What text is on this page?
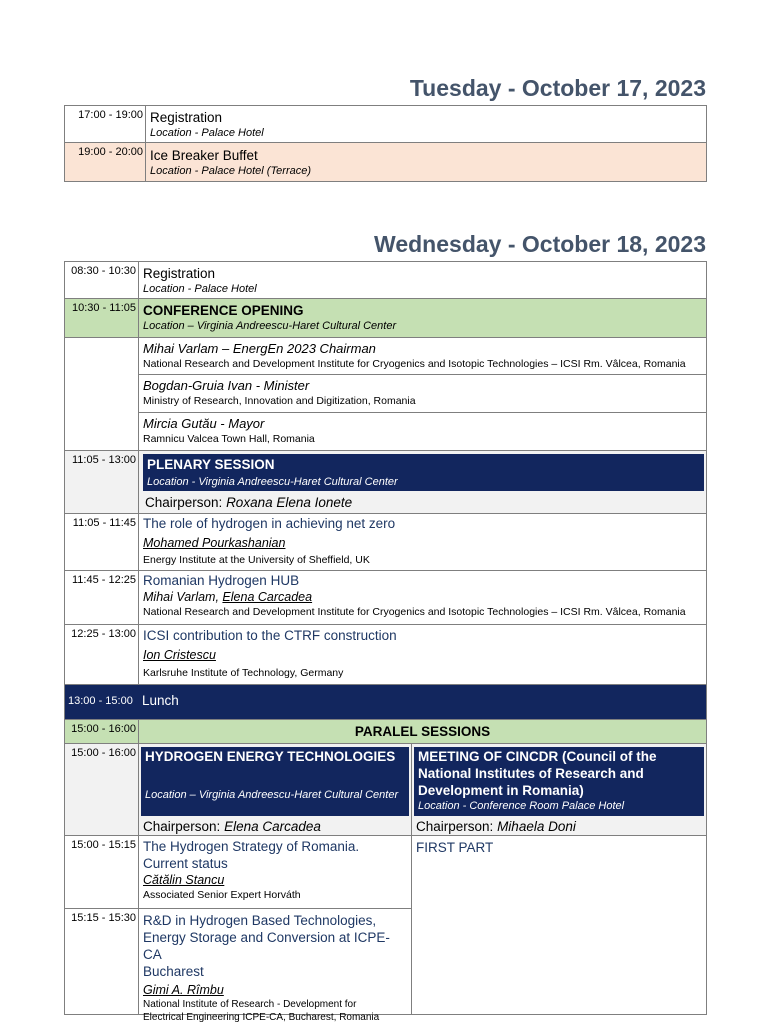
Tuesday - October 17, 2023
17:00 - 19:00 Registration
Location - Palace Hotel
19:00 - 20:00 Ice Breaker Buffet
Location - Palace Hotel (Terrace)
Wednesday - October 18, 2023
08:30 - 10:30 Registration
Location - Palace Hotel
10:30 - 11:05 CONFERENCE OPENING
Location – Virginia Andreescu-Haret Cultural Center
Mihai Varlam – EnergEn 2023 Chairman
National Research and Development Institute for Cryogenics and Isotopic Technologies – ICSI Rm. Vâlcea, Romania
Bogdan-Gruia Ivan - Minister
Ministry of Research, Innovation and Digitization, Romania
Mircia Gutău - Mayor
Ramnicu Valcea Town Hall, Romania
11:05 - 13:00 PLENARY SESSION
Location - Virginia Andreescu-Haret Cultural Center
Chairperson: Roxana Elena Ionete
11:05 - 11:45 The role of hydrogen in achieving net zero
Mohamed Pourkashanian
Energy Institute at the University of Sheffield, UK
11:45 - 12:25 Romanian Hydrogen HUB
Mihai Varlam, Elena Carcadea
National Research and Development Institute for Cryogenics and Isotopic Technologies – ICSI Rm. Vâlcea, Romania
12:25 - 13:00 ICSI contribution to the CTRF construction
Ion Cristescu
Karlsruhe Institute of Technology, Germany
13:00 - 15:00 Lunch
15:00 - 16:00	PARALEL SESSIONS
15:00 - 16:00 HYDROGEN ENERGY TECHNOLOGIES
Location – Virginia Andreescu-Haret Cultural Center
Chairperson: Elena Carcadea
MEETING OF CINCDR (Council of the
National Institutes of Research and
Development in Romania)
Location - Conference Room Palace Hotel
Chairperson: Mihaela Doni
15:00 - 15:15 The Hydrogen Strategy of Romania.
Current status
Cătălin Stancu
Associated Senior Expert Horváth
FIRST PART
15:15 - 15:30 R&D in Hydrogen Based Technologies,
Energy Storage and Conversion at ICPE-CA
Bucharest
Gimi A. Rîmbu
National Institute of Research - Development for
Electrical Engineering ICPE-CA, Bucharest, Romania
